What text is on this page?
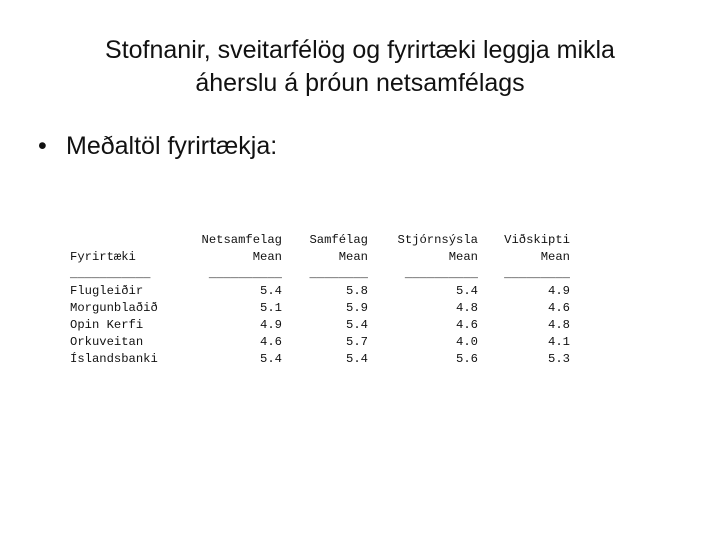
Stofnanir, sveitarfélög og fyrirtæki leggja mikla
áherslu á þróun netsamfélags
• Meðaltöl fyrirtækja:
	Netsamfelag	Samfélag	Stjórnsýsla	Viðskipti
Fyrirtæki	Mean	Mean	Mean	Mean
___________	__________	________	__________	_________
Flugleiðir	5.4	5.8	5.4	4.9
Morgunblaðið	5.1	5.9	4.8	4.6
Opin Kerfi	4.9	5.4	4.6	4.8
Orkuveitan	4.6	5.7	4.0	4.1
Íslandsbanki	5.4	5.4	5.6	5.3
